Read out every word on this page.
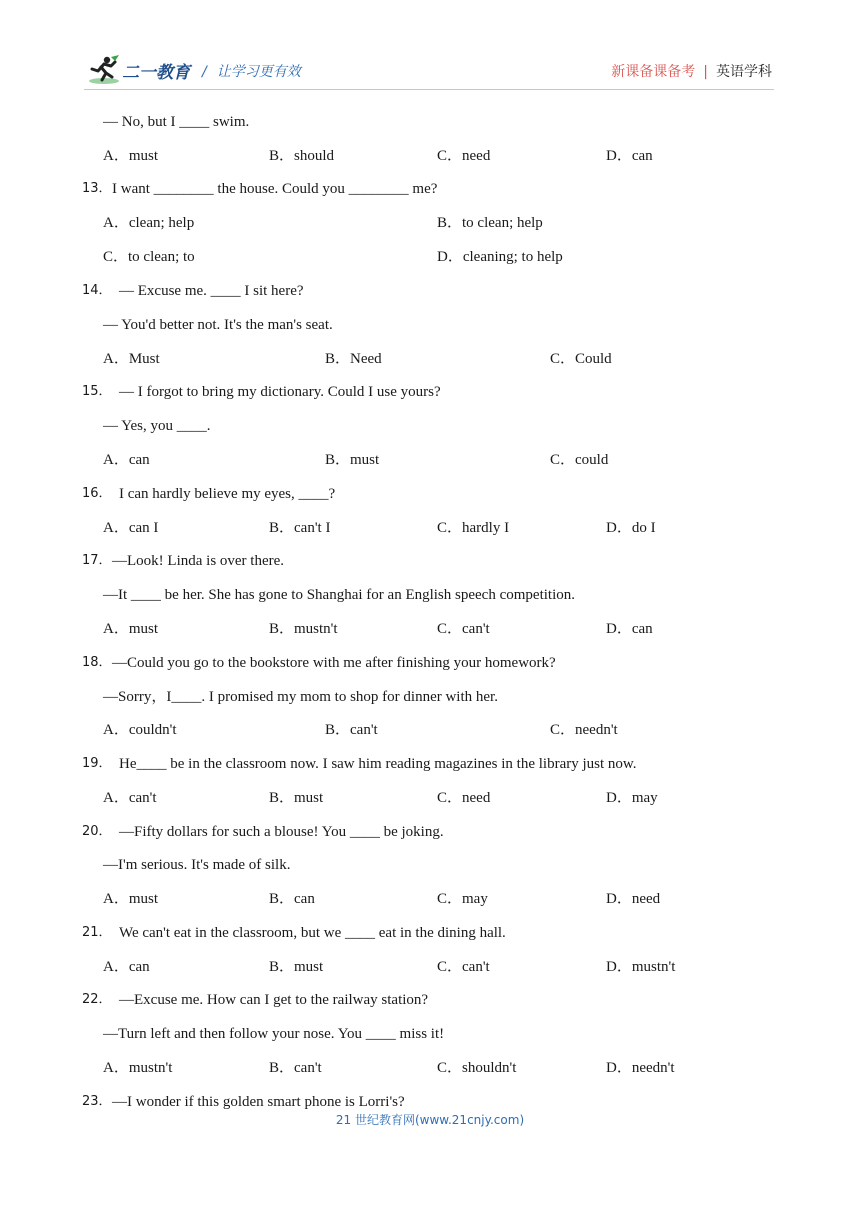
二一教育 / 让学习更有效	新课备课备考 | 英语学科
— No, but I ____ swim.
A．must	B．should	C．need	D．can
13． I want ________ the house. Could you ________ me?
A．clean; help	B．to clean; help
C．to clean; to	D．cleaning; to help
14． — Excuse me. ____ I sit here?
— You'd better not. It's the man's seat.
A．Must	B．Need	C．Could
15． — I forgot to bring my dictionary. Could I use yours?
— Yes, you ____.
A．can	B．must	C．could
16． I can hardly believe my eyes, ____?
A．can I	B．can't I	C．hardly I	D．do I
17． —Look! Linda is over there.
—It ____ be her. She has gone to Shanghai for an English speech competition.
A．must	B．mustn't	C．can't	D．can
18． —Could you go to the bookstore with me after finishing your homework?
—Sorry，I____. I promised my mom to shop for dinner with her.
A．couldn't	B．can't	C．needn't
19． He____ be in the classroom now. I saw him reading magazines in the library just now.
A．can't	B．must	C．need	D．may
20． —Fifty dollars for such a blouse! You ____ be joking.
—I'm serious. It's made of silk.
A．must	B．can	C．may	D．need
21． We can't eat in the classroom, but we ____ eat in the dining hall.
A．can	B．must	C．can't	D．mustn't
22． —Excuse me. How can I get to the railway station?
—Turn left and then follow your nose. You ____ miss it!
A．mustn't	B．can't	C．shouldn't	D．needn't
23． —I wonder if this golden smart phone is Lorri's?
21 世纪教育网(www.21cnjy.com)
